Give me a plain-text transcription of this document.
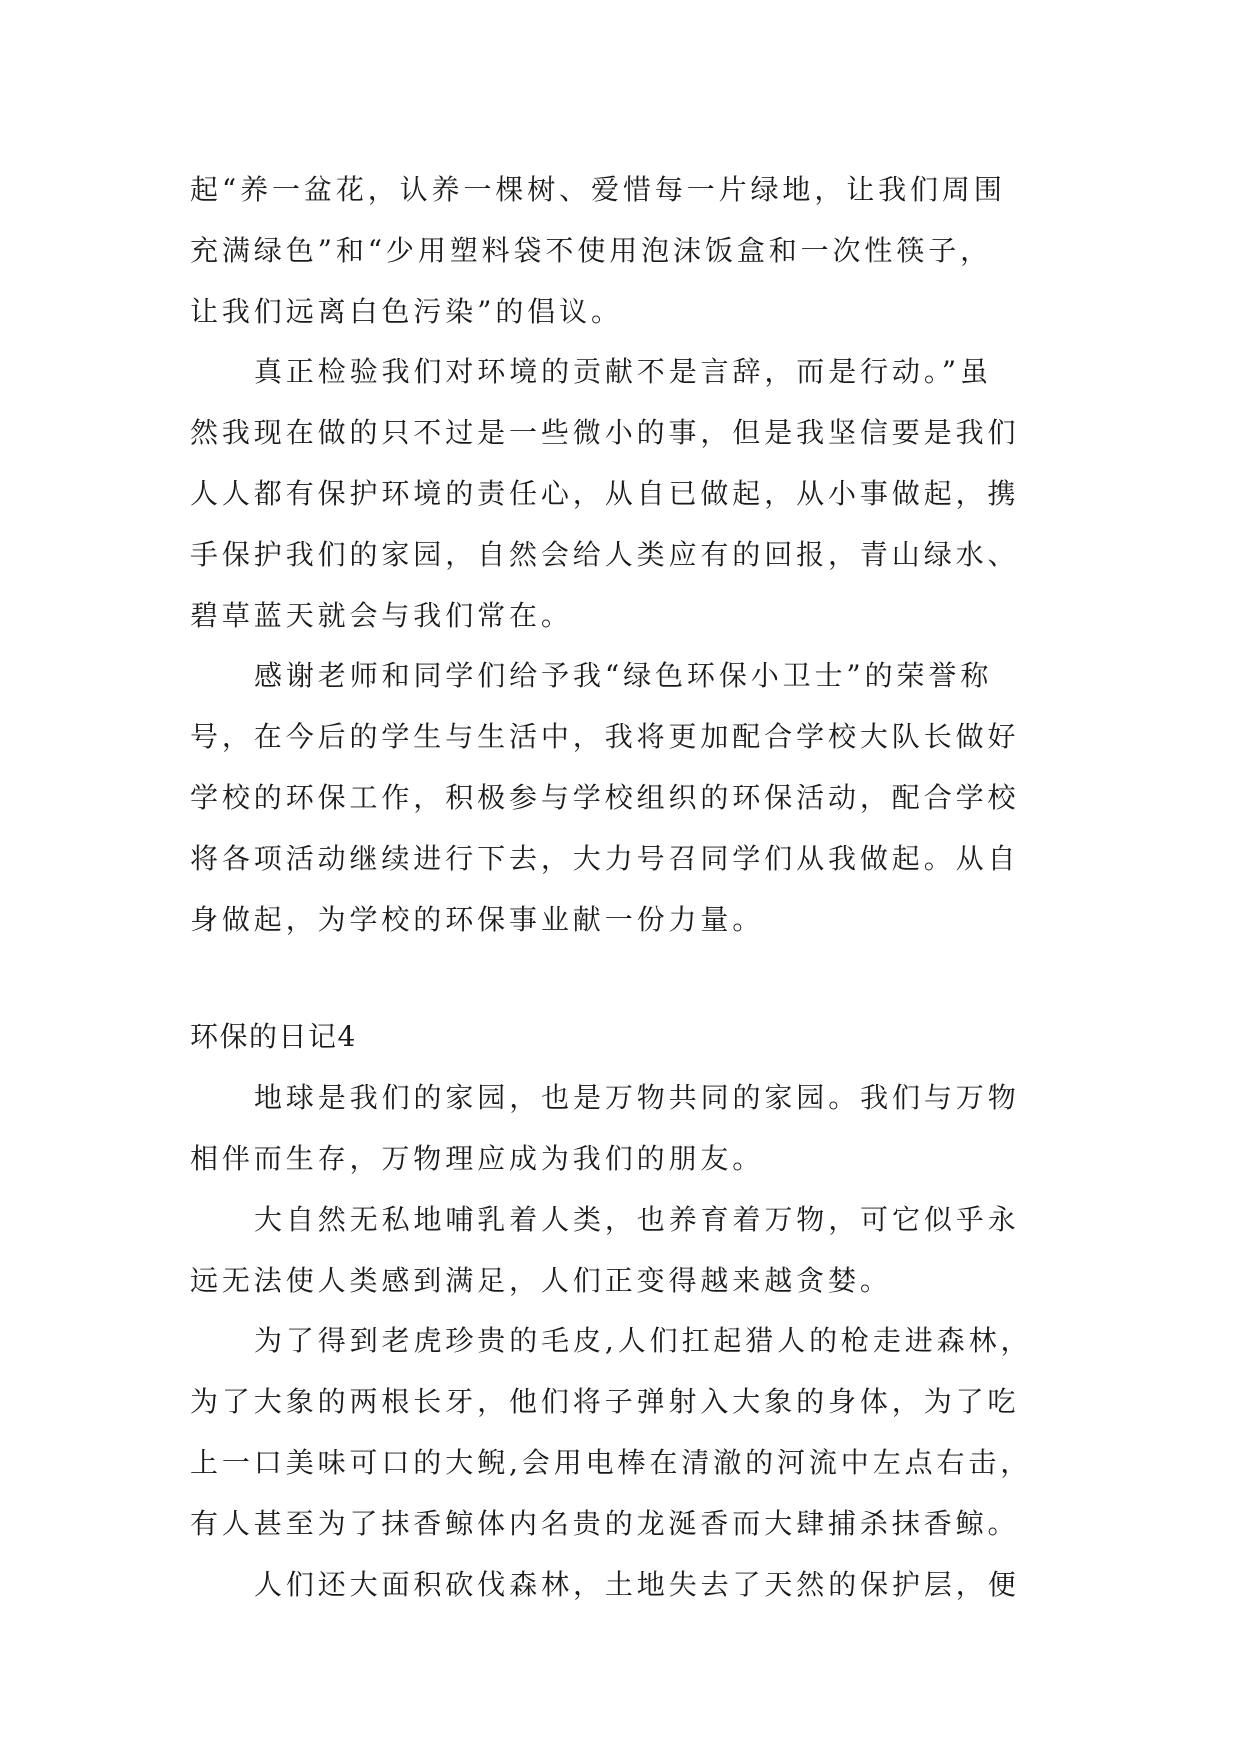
起“养一盆花，认养一棵树、爱惜每一片绿地，让我们周围
充满绿色”和“少用塑料袋不使用泡沫饭盒和一次性筷子，
让我们远离白色污染”的倡议。
真正检验我们对环境的贡献不是言辞，而是行动。”虽
然我现在做的只不过是一些微小的事，但是我坚信要是我们
人人都有保护环境的责任心，从自已做起，从小事做起，携
手保护我们的家园，自然会给人类应有的回报，青山绿水、
碧草蓝天就会与我们常在。
感谢老师和同学们给予我“绿色环保小卫士”的荣誉称
号，在今后的学生与生活中，我将更加配合学校大队长做好
学校的环保工作，积极参与学校组织的环保活动，配合学校
将各项活动继续进行下去，大力号召同学们从我做起。从自
身做起，为学校的环保事业献一份力量。
环保的日记4
地球是我们的家园，也是万物共同的家园。我们与万物
相伴而生存，万物理应成为我们的朋友。
大自然无私地哺乳着人类，也养育着万物，可它似乎永
远无法使人类感到满足，人们正变得越来越贪婪。
为了得到老虎珍贵的毛皮,人们扛起猎人的枪走进森林，
为了大象的两根长牙，他们将子弹射入大象的身体，为了吃
上一口美味可口的大鲵,会用电棒在清澈的河流中左点右击，
有人甚至为了抹香鲸体内名贵的龙涎香而大肆捕杀抹香鲸。
人们还大面积砍伐森林，土地失去了天然的保护层，便
